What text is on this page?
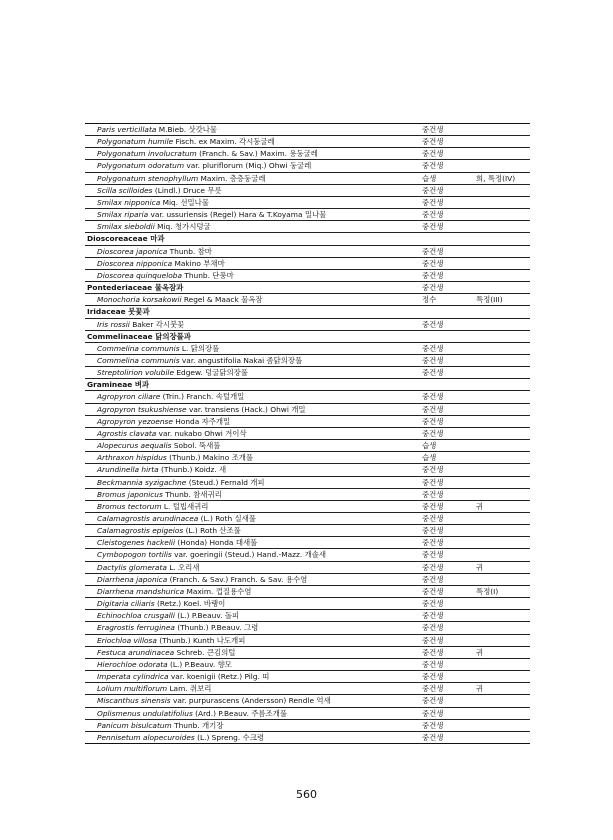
Paris verticillata M.Bieb. 삿갓나물	중건생	
Polygonatum humile Fisch. ex Maxim. 각시둥굴레	중건생	
Polygonatum involucratum (Franch. & Sav.) Maxim. 용둥굴레	중건생	
Polygonatum odoratum var. pluriflorum (Miq.) Ohwi 둥굴레	중건생	
Polygonatum stenophyllum Maxim. 층층둥굴레	습생	희, 특정(IV)
Scilla scilloides (Lindl.) Druce 무릇	중건생	
Smilax nipponica Miq. 선밀나물	중건생	
Smilax riparia var. ussuriensis (Regel) Hara & T.Koyama 밀나물	중건생	
Smilax sieboldii Miq. 청가시덩굴	중건생	
Dioscoreaceae 마과		
Dioscorea japonica Thunb. 참마	중건생	
Dioscorea nipponica Makino 부채마	중건생	
Dioscorea quinqueloba Thunb. 단풍마	중건생	
Pontederiaceae 물옥잠과	중건생	
Monochoria korsakowii Regel & Maack 물옥잠	정수	특정(III)
Iridaceae 붓꽃과		
Iris rossii Baker 각시붓꽃	중건생	
Commelinaceae 닭의장풀과		
Commelina communis L. 닭의장풀	중건생	
Commelina communis var. angustifolia Nakai 좀닭의장풀	중건생	
Streptolirion volubile Edgew. 덩굴닭의장풀	중건생	
Gramineae 벼과		
Agropyron ciliare (Trin.) Franch. 속털개밀	중건생	
Agropyron tsukushiense var. transiens (Hack.) Ohwi 개밀	중건생	
Agropyron yezoense Honda 자주개밀	중건생	
Agrostis clavata var. nukabo Ohwi 겨이삭	중건생	
Alopecurus aequalis Sobol. 뚝새풀	습생	
Arthraxon hispidus (Thunb.) Makino 조개풀	습생	
Arundinella hirta (Thunb.) Koidz. 새	중건생	
Beckmannia syzigachne (Steud.) Fernald 개피	중건생	
Bromus japonicus Thunb. 참새귀리	중건생	
Bromus tectorum L. 털빕새귀리	중건생	귀
Calamagrostis arundinacea (L.) Roth 실새풀	중건생	
Calamagrostis epigeios (L.) Roth 산조풀	중건생	
Cleistogenes hackelii (Honda) Honda 대새풀	중건생	
Cymbopogon tortilis var. goeringii (Steud.) Hand.-Mazz. 개솔새	중건생	
Dactylis glomerata L. 오리새	중건생	귀
Diarrhena japonica (Franch. & Sav.) Franch. & Sav. 용수염	중건생	
Diarrhena mandshurica Maxim. 껍질용수염	중건생	특정(I)
Digitaria ciliaris (Retz.) Koel. 바랭이	중건생	
Echinochloa crusgalli (L.) P.Beauv. 돌피	중건생	
Eragrostis ferruginea (Thunb.) P.Beauv. 그령	중건생	
Eriochloa villosa (Thunb.) Kunth 나도개피	중건생	
Festuca arundinacea Schreb. 큰김의털	중건생	귀
Hierochloe odorata (L.) P.Beauv. 향모	중건생	
Imperata cylindrica var. koenigii (Retz.) Pilg. 띠	중건생	
Lolium multiflorum Lam. 쥐보리	중건생	귀
Miscanthus sinensis var. purpurascens (Andersson) Rendle 억새	중건생	
Oplismenus undulatifolius (Ard.) P.Beauv. 주름조개풀	중건생	
Panicum bisulcatum Thunb. 개기장	중건생	
Pennisetum alopecuroides (L.) Spreng. 수크령	중건생	
560
